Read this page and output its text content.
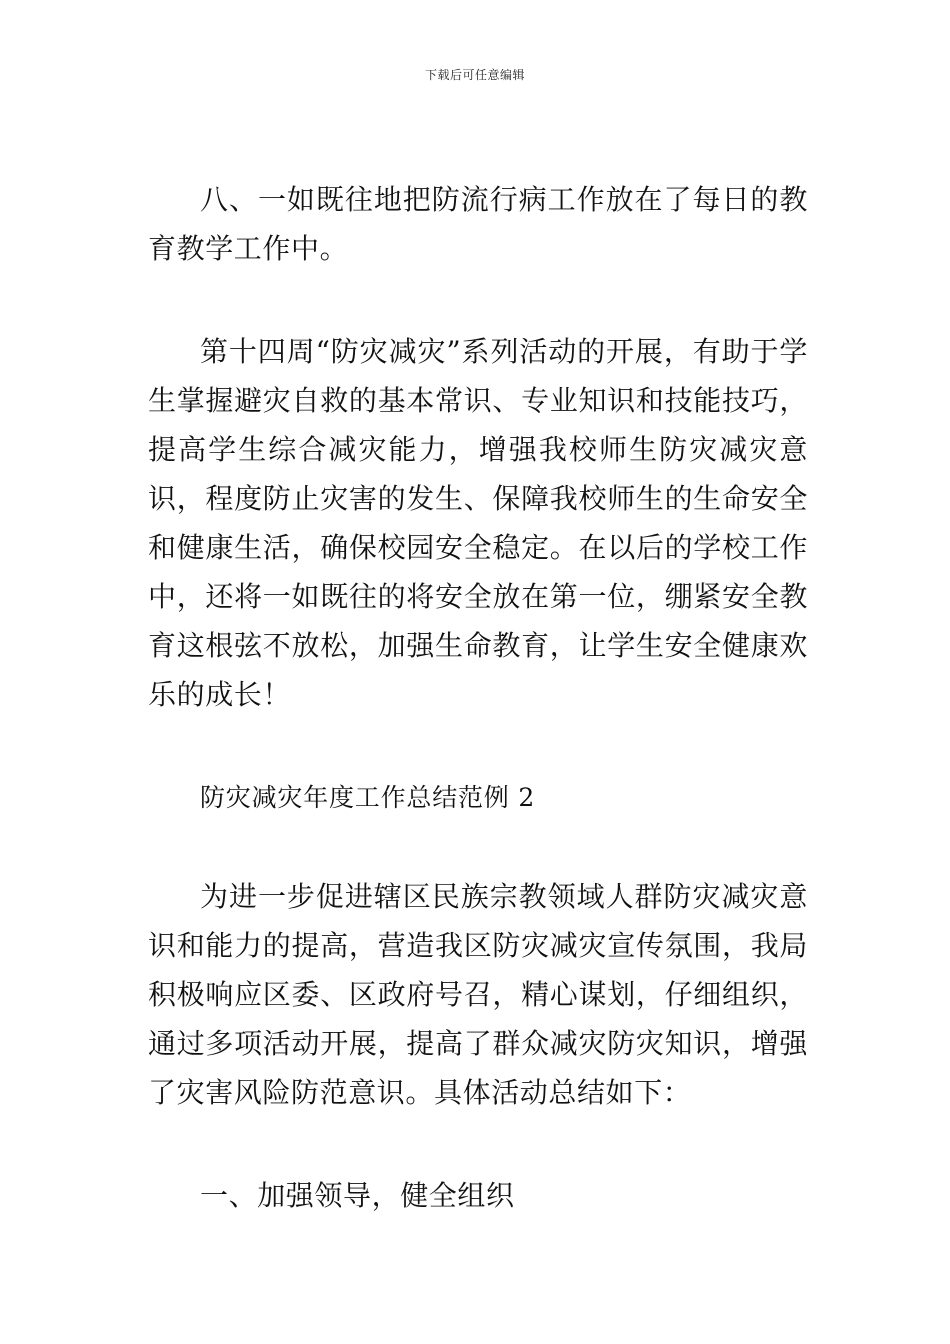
下载后可任意编辑

八、一如既往地把防流行病工作放在了每日的教育教学工作中。

第十四周“防灾减灾”系列活动的开展，有助于学生掌握避灾自救的基本常识、专业知识和技能技巧，提高学生综合减灾能力，增强我校师生防灾减灾意识，程度防止灾害的发生、保障我校师生的生命安全和健康生活，确保校园安全稳定。在以后的学校工作中，还将一如既往的将安全放在第一位，绷紧安全教育这根弦不放松，加强生命教育，让学生安全健康欢乐的成长！

防灾减灾年度工作总结范例 2

为进一步促进辖区民族宗教领域人群防灾减灾意识和能力的提高，营造我区防灾减灾宣传氛围，我局积极响应区委、区政府号召，精心谋划，仔细组织，通过多项活动开展，提高了群众减灾防灾知识，增强了灾害风险防范意识。具体活动总结如下：

一、加强领导，健全组织
